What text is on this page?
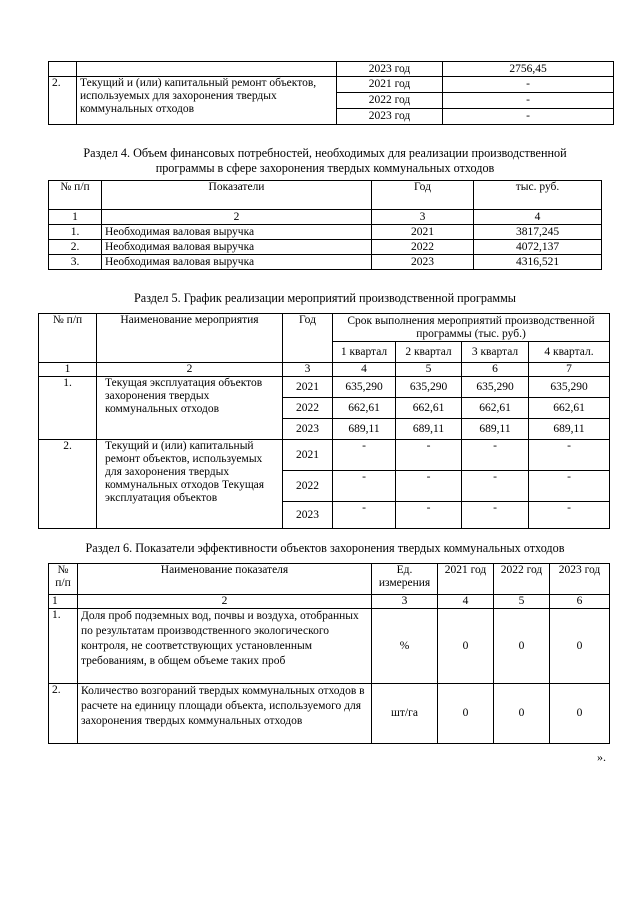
		2023 год	2756,45
2.	Текущий и (или) капитальный ремонт объектов, используемых для захоронения твердых коммунальных отходов	2021 год	-
		2022 год	-
		2023 год	-
Раздел 4. Объем финансовых потребностей, необходимых для реализации производственной
программы в сфере захоронения твердых коммунальных отходов
№ п/п	Показатели	Год	тыс. руб.
1	2	3	4
1.	Необходимая валовая выручка	2021	3817,245
2.	Необходимая валовая выручка	2022	4072,137
3.	Необходимая валовая выручка	2023	4316,521
Раздел 5. График реализации мероприятий производственной программы
№ п/п	Наименование мероприятия	Год	Срок выполнения мероприятий производственной программы (тыс. руб.)			
			1 квартал	2 квартал	3 квартал	4 квартал.
1	2	3	4	5	6	7
1.	Текущая эксплуатация объектов захоронения твердых коммунальных отходов	2021	635,290	635,290	635,290	635,290
		2022	662,61	662,61	662,61	662,61
		2023	689,11	689,11	689,11	689,11
2.	Текущий и (или) капитальный ремонт объектов, используемых для захоронения твердых коммунальных отходов Текущая эксплуатация объектов	2021	-	-	-	-
		2022	-	-	-	-
		2023	-	-	-	-
Раздел 6. Показатели эффективности объектов захоронения твердых коммунальных отходов
№ п/п	Наименование показателя	Ед. измерения	2021 год	2022 год	2023 год
1	2	3	4	5	6
1.	Доля проб подземных вод, почвы и воздуха, отобранных по результатам производственного экологического контроля, не соответствующих установленным требованиям, в общем объеме таких проб	%	0	0	0
2.	Количество возгораний твердых коммунальных отходов в расчете на единицу площади объекта, используемого для захоронения твердых коммунальных отходов	шт/га	0	0	0
».
